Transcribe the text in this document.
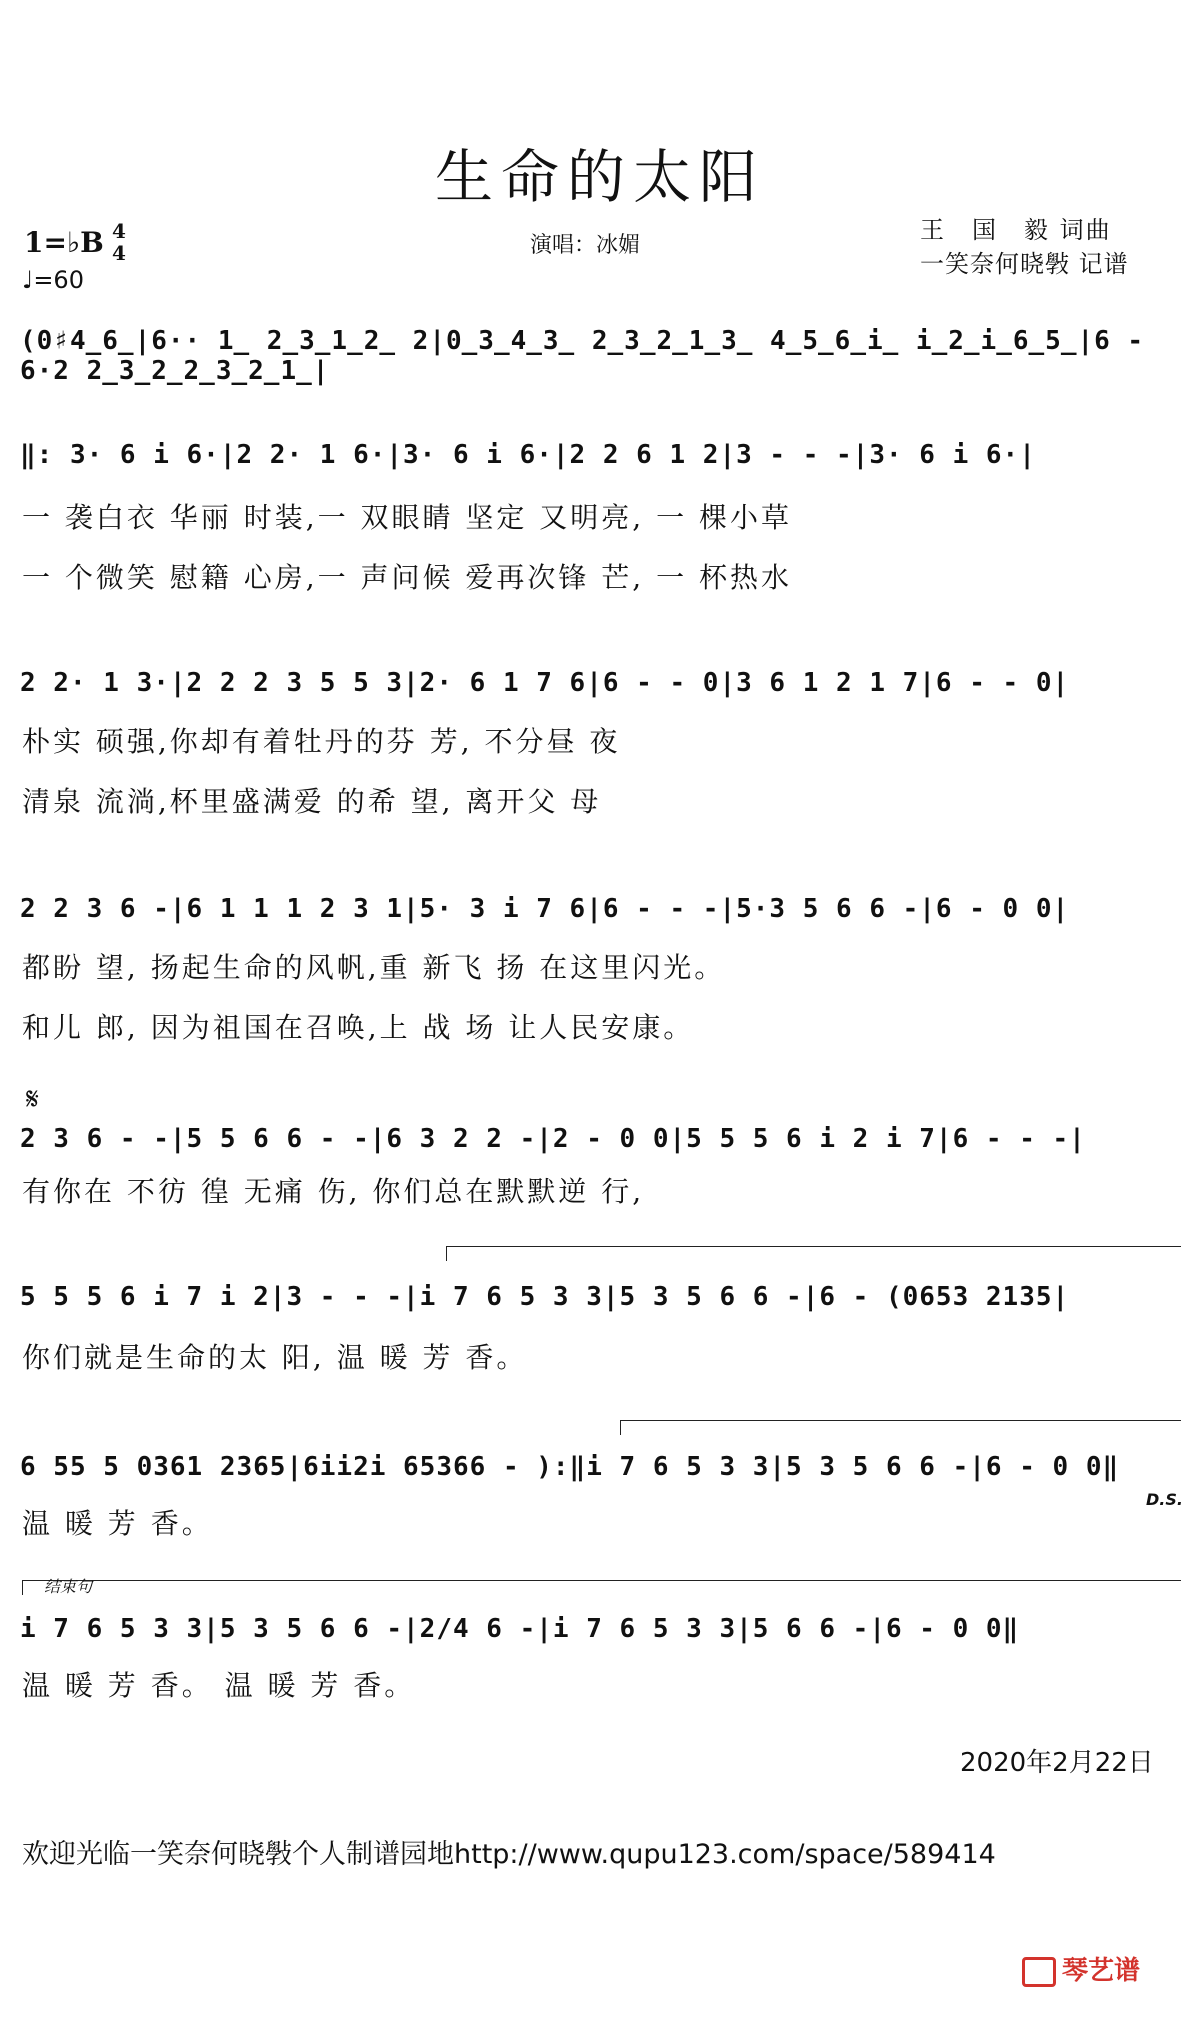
生命的太阳
1=♭B 4
4
♩=60
演唱：冰媚
王　国　毅 词曲
一笑奈何晓斅 记谱
(0♯4̲6̲|6·· 1̲ 2̲3̲1̲2̲ 2|0̲3̲4̲3̲ 2̲3̲2̲1̲3̲ 4̲5̲6̲i̲ i̲2̲i̲6̲5̲|6 - 6·2 2̲3̲2̲2̲3̲2̲1̲|
‖: 3· 6 i 6·|2 2· 1 6·|3· 6 i 6·|2 2 6 1 2|3 - - -|3· 6 i 6·|
一 袭白衣 华丽 时装,一 双眼睛 坚定 又明亮, 一 棵小草
一 个微笑 慰籍 心房,一 声问候 爱再次锋 芒, 一 杯热水
2 2· 1 3·|2 2 2 3 5 5 3|2· 6 1 7 6|6 - - 0|3 6 1 2 1 7|6 - - 0|
朴实 硕强,你却有着牡丹的芬 芳, 不分昼 夜
清泉 流淌,杯里盛满爱 的希 望, 离开父 母
2 2 3 6 -|6 1 1 1 2 3 1|5· 3 i 7 6|6 - - -|5·3 5 6 6 -|6 - 0 0|
都盼 望, 扬起生命的风帆,重 新飞 扬 在这里闪光。
和儿 郎, 因为祖国在召唤,上 战 场 让人民安康。
𝄋
2 3 6 - -|5 5 6 6 - -|6 3 2 2 -|2 - 0 0|5 5 5 6 i 2 i 7|6 - - -|
有你在 不彷 徨 无痛 伤, 你们总在默默逆 行,
5 5 5 6 i 7 i 2|3 - - -|i 7 6 5 3 3|5 3 5 6 6 -|6 - (0653 2135|
你们就是生命的太 阳, 温 暖 芳 香。
6 55 5 0361 2365|6ii2i 65366 - ):‖i 7 6 5 3 3|5 3 5 6 6 -|6 - 0 0‖
D.S.
温 暖 芳 香。
结束句
i 7 6 5 3 3|5 3 5 6 6 -|2/4 6 -|i 7 6 5 3 3|5 6 6 -|6 - 0 0‖
温 暖 芳 香。 温 暖 芳 香。
2020年2月22日
欢迎光临一笑奈何晓斅个人制谱园地http://www.qupu123.com/space/589414
琴艺谱
